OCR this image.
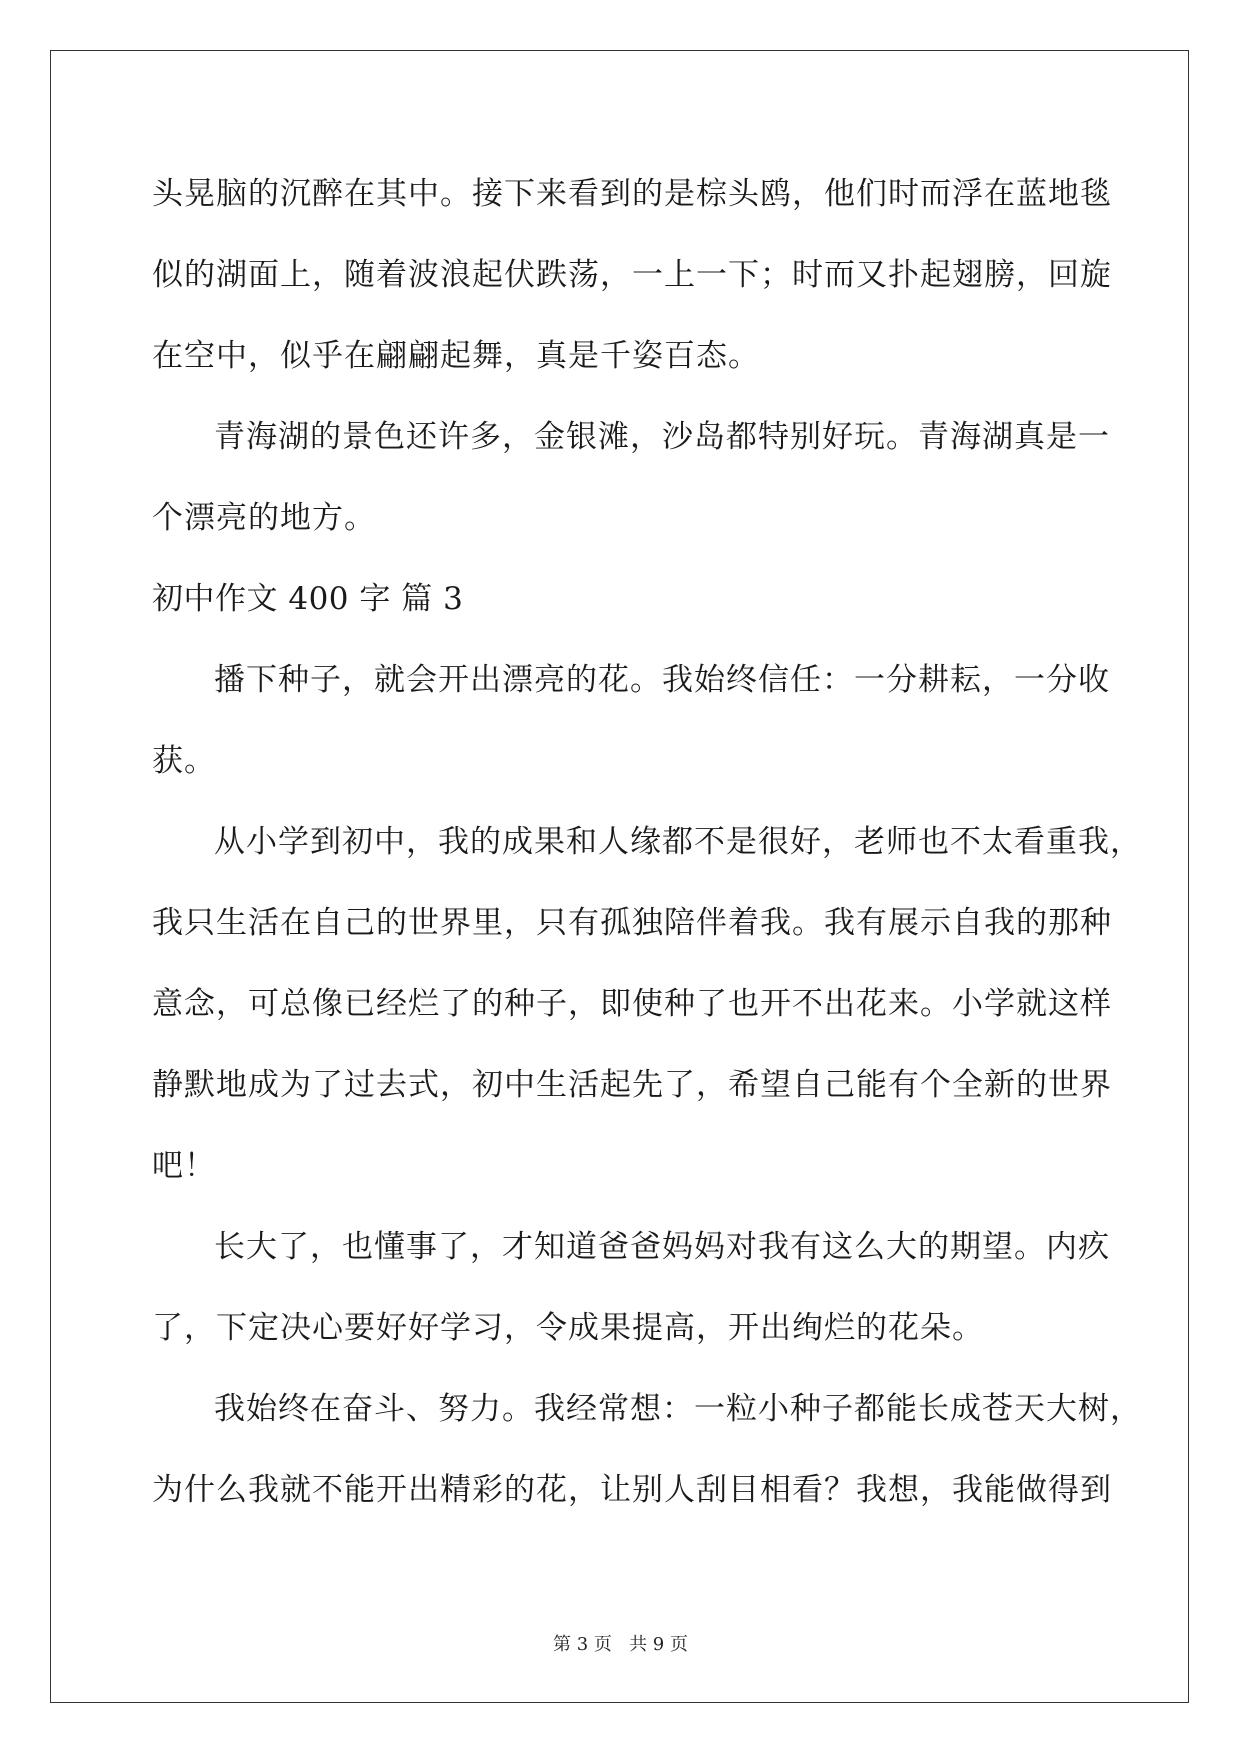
头晃脑的沉醉在其中。接下来看到的是棕头鸥，他们时而浮在蓝地毯
似的湖面上，随着波浪起伏跌荡，一上一下；时而又扑起翅膀，回旋
在空中，似乎在翩翩起舞，真是千姿百态。
青海湖的景色还许多，金银滩，沙岛都特别好玩。青海湖真是一
个漂亮的地方。
初中作文 400 字 篇 3
播下种子，就会开出漂亮的花。我始终信任：一分耕耘，一分收
获。
从小学到初中，我的成果和人缘都不是很好，老师也不太看重我，
我只生活在自己的世界里，只有孤独陪伴着我。我有展示自我的那种
意念，可总像已经烂了的种子，即使种了也开不出花来。小学就这样
静默地成为了过去式，初中生活起先了，希望自己能有个全新的世界
吧！
长大了，也懂事了，才知道爸爸妈妈对我有这么大的期望。内疚
了，下定决心要好好学习，令成果提高，开出绚烂的花朵。
我始终在奋斗、努力。我经常想：一粒小种子都能长成苍天大树，
为什么我就不能开出精彩的花，让别人刮目相看？我想，我能做得到
第 3 页   共 9 页
